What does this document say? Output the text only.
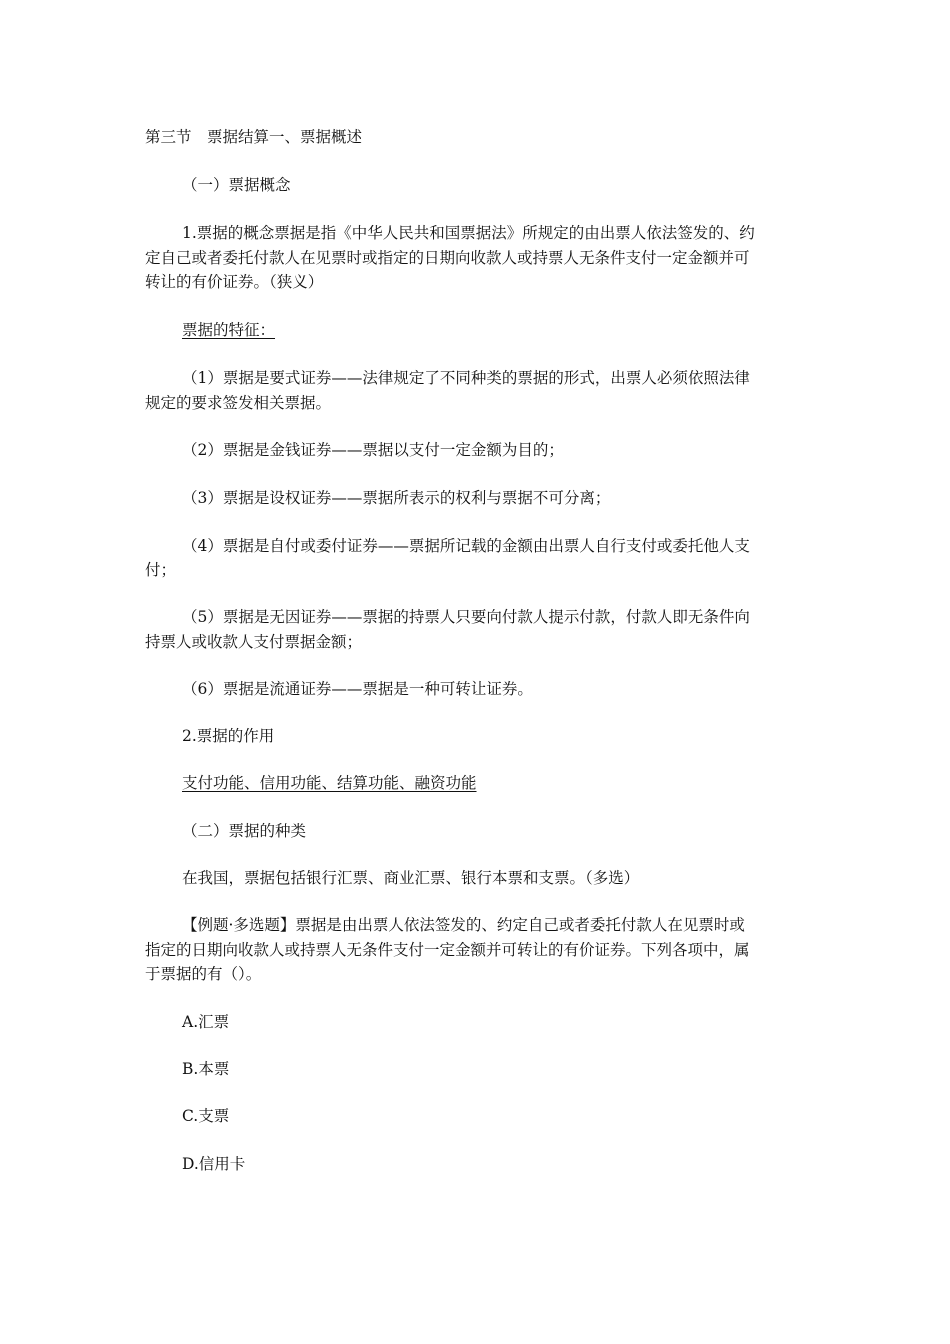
第三节　票据结算一、票据概述
（一）票据概念
1.票据的概念票据是指《中华人民共和国票据法》所规定的由出票人依法签发的、约
定自己或者委托付款人在见票时或指定的日期向收款人或持票人无条件支付一定金额并可
转让的有价证券。（狭义）
票据的特征：
（1）票据是要式证券——法律规定了不同种类的票据的形式，出票人必须依照法律
规定的要求签发相关票据。
（2）票据是金钱证券——票据以支付一定金额为目的；
（3）票据是设权证券——票据所表示的权利与票据不可分离；
（4）票据是自付或委付证券——票据所记载的金额由出票人自行支付或委托他人支
付；
（5）票据是无因证券——票据的持票人只要向付款人提示付款，付款人即无条件向
持票人或收款人支付票据金额；
（6）票据是流通证券——票据是一种可转让证券。
2.票据的作用
支付功能、信用功能、结算功能、融资功能
（二）票据的种类
在我国，票据包括银行汇票、商业汇票、银行本票和支票。（多选）
【例题·多选题】票据是由出票人依法签发的、约定自己或者委托付款人在见票时或
指定的日期向收款人或持票人无条件支付一定金额并可转让的有价证券。下列各项中，属
于票据的有（）。
A.汇票
B.本票
C.支票
D.信用卡
